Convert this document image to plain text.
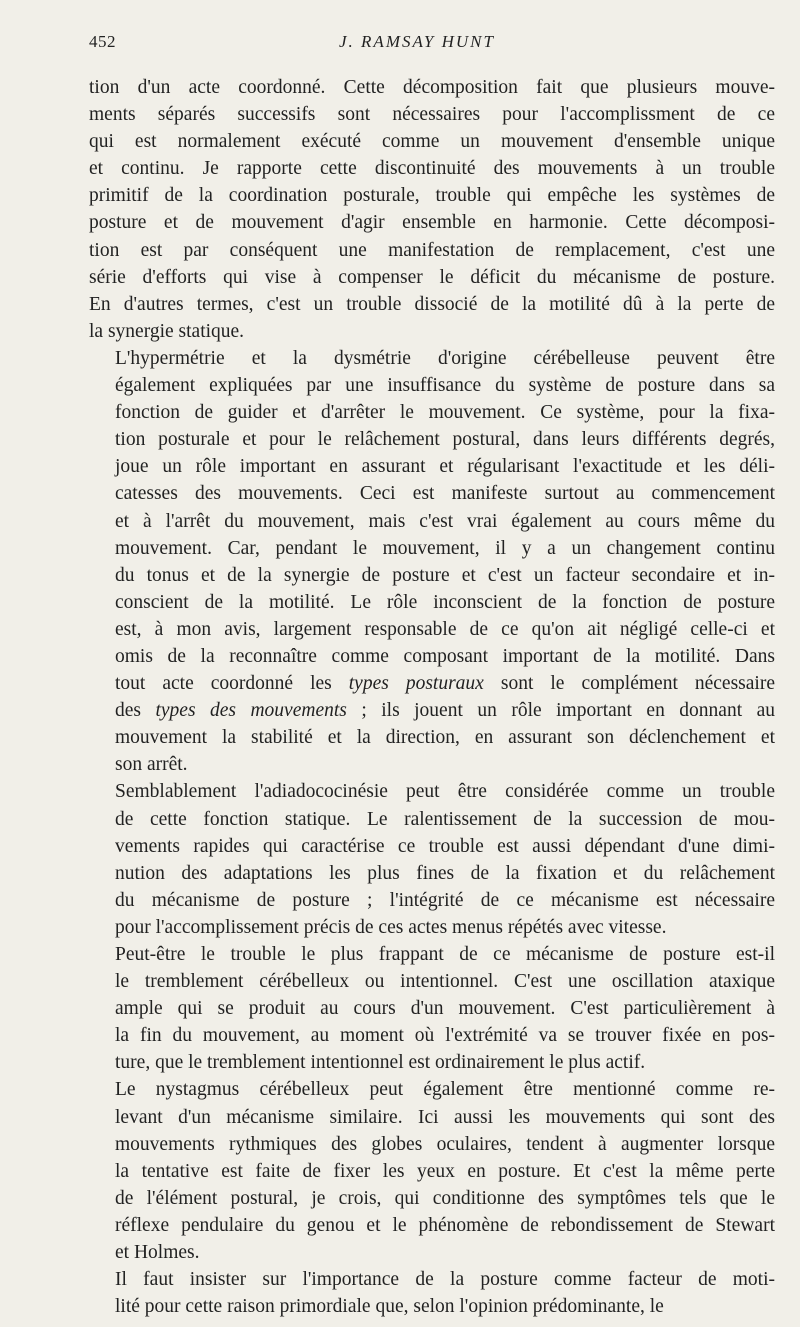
452	J. RAMSAY HUNT

tion d'un acte coordonné. Cette décomposition fait que plusieurs mouve-
ments séparés successifs sont nécessaires pour l'accomplissment de ce
qui est normalement exécuté comme un mouvement d'ensemble unique
et continu. Je rapporte cette discontinuité des mouvements à un trouble
primitif de la coordination posturale, trouble qui empêche les systèmes de
posture et de mouvement d'agir ensemble en harmonie. Cette décomposi-
tion est par conséquent une manifestation de remplacement, c'est une
série d'efforts qui vise à compenser le déficit du mécanisme de posture.
En d'autres termes, c'est un trouble dissocié de la motilité dû à la perte de
la synergie statique.

L'hypermétrie et la dysmétrie d'origine cérébelleuse peuvent être
également expliquées par une insuffisance du système de posture dans sa
fonction de guider et d'arrêter le mouvement. Ce système, pour la fixa-
tion posturale et pour le relâchement postural, dans leurs différents degrés,
joue un rôle important en assurant et régularisant l'exactitude et les déli-
catesses des mouvements. Ceci est manifeste surtout au commencement
et à l'arrêt du mouvement, mais c'est vrai également au cours même du
mouvement. Car, pendant le mouvement, il y a un changement continu
du tonus et de la synergie de posture et c'est un facteur secondaire et in-
conscient de la motilité. Le rôle inconscient de la fonction de posture
est, à mon avis, largement responsable de ce qu'on ait négligé celle-ci et
omis de la reconnaître comme composant important de la motilité. Dans
tout acte coordonné les types posturaux sont le complément nécessaire
des types des mouvements ; ils jouent un rôle important en donnant au
mouvement la stabilité et la direction, en assurant son déclenchement et
son arrêt.

Semblablement l'adiadococinésie peut être considérée comme un trouble
de cette fonction statique. Le ralentissement de la succession de mou-
vements rapides qui caractérise ce trouble est aussi dépendant d'une dimi-
nution des adaptations les plus fines de la fixation et du relâchement
du mécanisme de posture ; l'intégrité de ce mécanisme est nécessaire
pour l'accomplissement précis de ces actes menus répétés avec vitesse.

Peut-être le trouble le plus frappant de ce mécanisme de posture est-il
le tremblement cérébelleux ou intentionnel. C'est une oscillation ataxique
ample qui se produit au cours d'un mouvement. C'est particulièrement à
la fin du mouvement, au moment où l'extrémité va se trouver fixée en pos-
ture, que le tremblement intentionnel est ordinairement le plus actif.

Le nystagmus cérébelleux peut également être mentionné comme re-
levant d'un mécanisme similaire. Ici aussi les mouvements qui sont des
mouvements rythmiques des globes oculaires, tendent à augmenter lorsque
la tentative est faite de fixer les yeux en posture. Et c'est la même perte
de l'élément postural, je crois, qui conditionne des symptômes tels que le
réflexe pendulaire du genou et le phénomène de rebondissement de Stewart
et Holmes.

Il faut insister sur l'importance de la posture comme facteur de moti-
lité pour cette raison primordiale que, selon l'opinion prédominante, le
